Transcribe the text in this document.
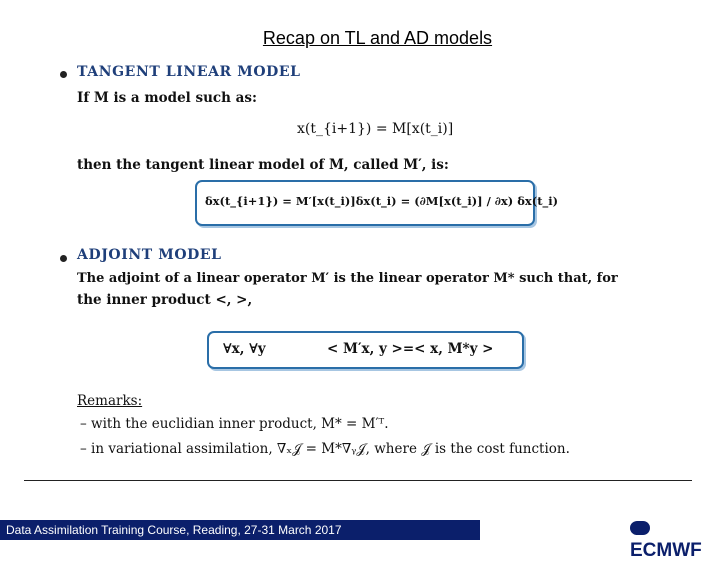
Recap on TL and AD models
TANGENT LINEAR MODEL
If M is a model such as:
x(t_{i+1}) = M[x(t_i)]
then the tangent linear model of M, called M′, is:
δx(t_{i+1}) = M′[x(t_i)]δx(t_i) = (∂M[x(t_i)] / ∂x) δx(t_i)
ADJOINT MODEL
The adjoint of a linear operator M′ is the linear operator M* such that, for
the inner product <, >,
∀x, ∀y	< M′x, y >=< x, M*y >
Remarks:
– with the euclidian inner product, M* = M′ᵀ.
– in variational assimilation, ∇ₓ𝒥 = M*∇ᵧ𝒥, where 𝒥 is the cost function.
Data Assimilation Training Course, Reading, 27-31 March 2017
ECMWF
